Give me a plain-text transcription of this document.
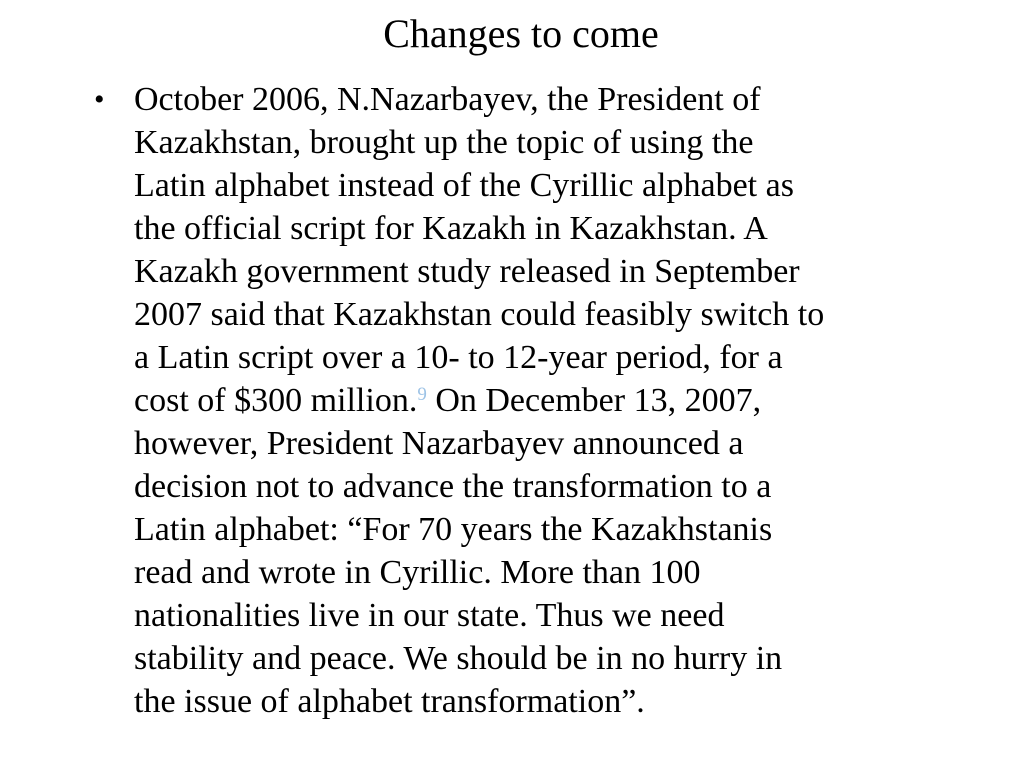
Changes to come
• October 2006, N.Nazarbayev, the President of
Kazakhstan, brought up the topic of using the
Latin alphabet instead of the Cyrillic alphabet as
the official script for Kazakh in Kazakhstan. A
Kazakh government study released in September
2007 said that Kazakhstan could feasibly switch to
a Latin script over a 10- to 12-year period, for a
cost of $300 million.$^9$ On December 13, 2007,
however, President Nazarbayev announced a
decision not to advance the transformation to a
Latin alphabet: “For 70 years the Kazakhstanis
read and wrote in Cyrillic. More than 100
nationalities live in our state. Thus we need
stability and peace. We should be in no hurry in
the issue of alphabet transformation”.
